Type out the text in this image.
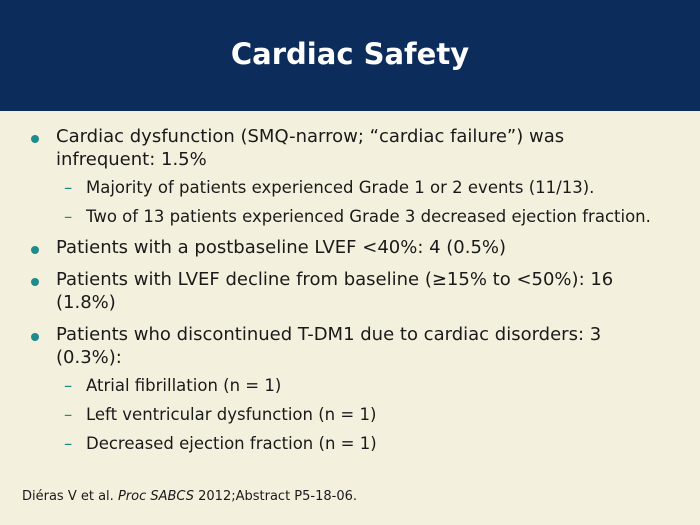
Cardiac Safety
Cardiac dysfunction (SMQ-narrow; “cardiac failure”) was infrequent: 1.5%
– Majority of patients experienced Grade 1 or 2 events (11/13).
– Two of 13 patients experienced Grade 3 decreased ejection fraction.
Patients with a postbaseline LVEF <40%: 4 (0.5%)
Patients with LVEF decline from baseline (≥15% to <50%): 16 (1.8%)
Patients who discontinued T-DM1 due to cardiac disorders: 3 (0.3%):
– Atrial fibrillation (n = 1)
– Left ventricular dysfunction (n = 1)
– Decreased ejection fraction (n = 1)
Diéras V et al. Proc SABCS 2012;Abstract P5-18-06.
